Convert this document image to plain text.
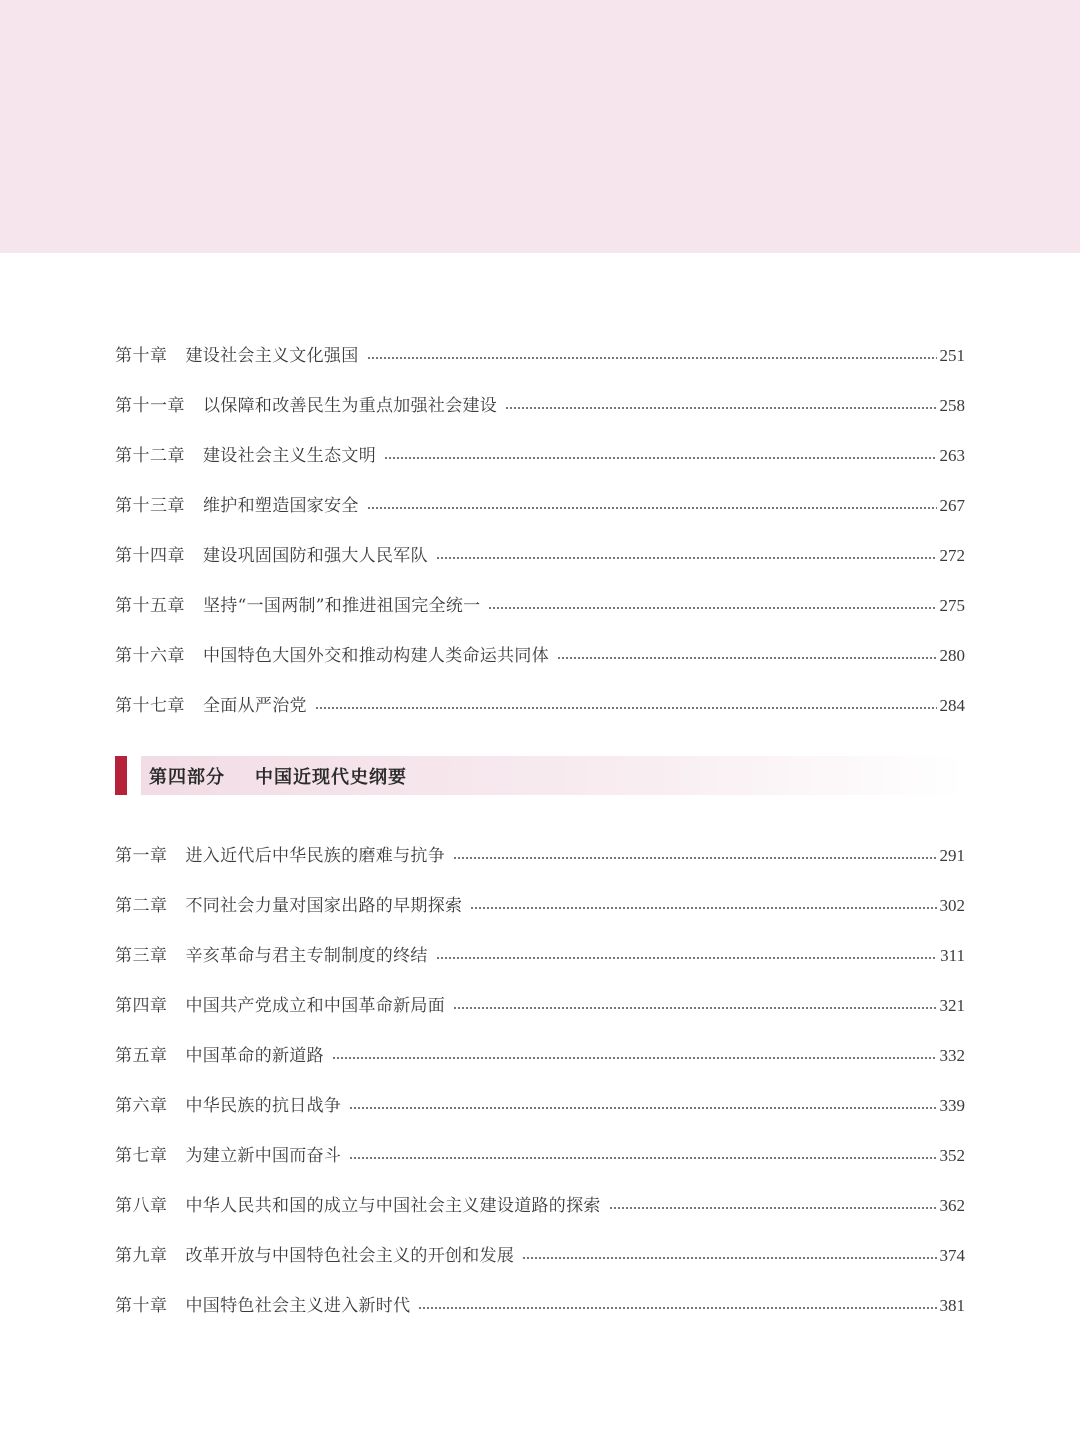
第十章 建设社会主义文化强国	251
第十一章 以保障和改善民生为重点加强社会建设	258
第十二章 建设社会主义生态文明	263
第十三章 维护和塑造国家安全	267
第十四章 建设巩固国防和强大人民军队	272
第十五章 坚持“一国两制”和推进祖国完全统一	275
第十六章 中国特色大国外交和推动构建人类命运共同体	280
第十七章 全面从严治党	284
第四部分 中国近现代史纲要
第一章 进入近代后中华民族的磨难与抗争	291
第二章 不同社会力量对国家出路的早期探索	302
第三章 辛亥革命与君主专制制度的终结	311
第四章 中国共产党成立和中国革命新局面	321
第五章 中国革命的新道路	332
第六章 中华民族的抗日战争	339
第七章 为建立新中国而奋斗	352
第八章 中华人民共和国的成立与中国社会主义建设道路的探索	362
第九章 改革开放与中国特色社会主义的开创和发展	374
第十章 中国特色社会主义进入新时代	381
